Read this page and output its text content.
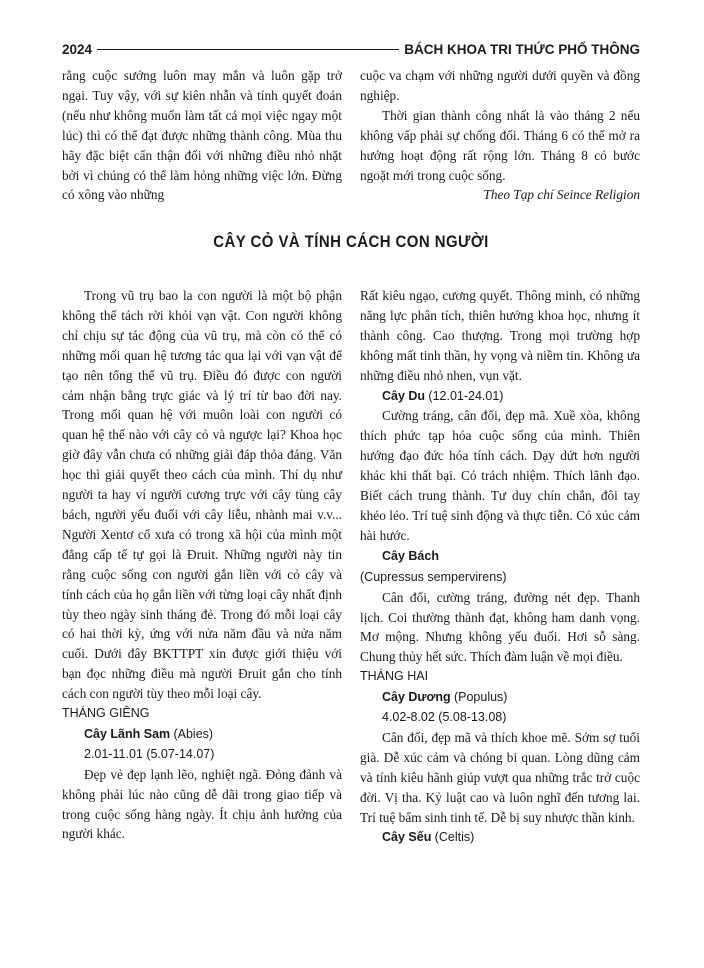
2024	BÁCH KHOA TRI THỨC PHỔ THÔNG

rằng cuộc sướng luôn may mắn và luôn gặp trở ngại. Tuy vậy, với sự kiên nhẫn và tính quyết đoán (nếu như không muốn làm tất cả mọi việc ngay một lúc) thì có thể đạt được những thành công. Mùa thu hãy đặc biệt cẩn thận đối với những điều nhỏ nhặt bởi vì chúng có thể làm hỏng những việc lớn. Đừng có xông vào những

cuộc va chạm với những người dưới quyền và đồng nghiệp.

Thời gian thành công nhất là vào tháng 2 nếu không vấp phải sự chống đối. Tháng 6 có thể mở ra hướng hoạt động rất rộng lớn. Tháng 8 có bước ngoặt mới trong cuộc sống.

Theo Tạp chí Seince Religion

CÂY CỎ VÀ TÍNH CÁCH CON NGƯỜI

Trong vũ trụ bao la con người là một bộ phận không thể tách rời khỏi vạn vật. Con người không chỉ chịu sự tác động của vũ trụ, mà còn có thể có những mối quan hệ tương tác qua lại với vạn vật để tạo nên tổng thể vũ trụ. Điều đó được con người cảm nhận bằng trực giác và lý trí từ bao đời nay. Trong mối quan hệ với muôn loài con người có quan hệ thế nào với cây cỏ và ngược lại? Khoa học giờ đây vẫn chưa có những giải đáp thỏa đáng. Văn học thì giải quyết theo cách của mình. Thí dụ như người ta hay ví người cương trực với cây tùng cây bách, người yếu đuối với cây liễu, nhành mai v.v... Người Xentơ cổ xưa có trong xã hội của mình một đẳng cấp tế tự gọi là Đruit. Những người này tin rằng cuộc sống con người gắn liền với cỏ cây và tính cách của họ gắn liền với từng loại cây nhất định tùy theo ngày sinh tháng đẻ. Trong đó mỗi loại cây có hai thời kỳ, ứng với nửa năm đầu và nửa năm cuối. Dưới đây BKTTPT xin được giới thiệu với bạn đọc những điều mà người Đruit gắn cho tính cách con người tùy theo mỗi loại cây.

THÁNG GIÊNG

Cây Lãnh Sam (Abies)

2.01-11.01 (5.07-14.07)

Đẹp vẻ đẹp lạnh lẽo, nghiệt ngã. Đỏng đảnh và không phải lúc nào cũng dễ dãi trong giao tiếp và trong cuộc sống hàng ngày. Ít chịu ảnh hưởng của người khác.

Rất kiêu ngạo, cương quyết. Thông minh, có những năng lực phân tích, thiên hướng khoa học, nhưng ít thành công. Cao thượng. Trong mọi trường hợp không mất tinh thần, hy vọng và niềm tin. Không ưa những điều nhỏ nhen, vụn vặt.

Cây Du (12.01-24.01)

Cường tráng, cân đối, đẹp mã. Xuề xòa, không thích phức tạp hóa cuộc sống của mình. Thiên hướng đạo đức hóa tính cách. Dạy dứt hơn người khác khi thất bại. Có trách nhiệm. Thích lãnh đạo. Biết cách trung thành. Tư duy chín chắn, đôi tay khéo léo. Trí tuệ sinh động và thực tiễn. Có xúc cảm hài hước.

Cây Bách

(Cupressus sempervirens)

Cân đối, cường tráng, đường nét đẹp. Thanh lịch. Coi thường thành đạt, không ham danh vọng. Mơ mộng. Nhưng không yếu đuối. Hơi sỗ sàng. Chung thủy hết sức. Thích đàm luận về mọi điều.

THÁNG HAI

Cây Dương (Populus)

4.02-8.02 (5.08-13.08)

Cân đối, đẹp mã và thích khoe mẽ. Sớm sợ tuổi già. Dễ xúc cảm và chóng bi quan. Lòng dũng cảm và tính kiêu hãnh giúp vượt qua những trắc trở cuộc đời. Vị tha. Kỷ luật cao và luôn nghĩ đến tương lai. Trí tuệ bẩm sinh tinh tế. Dễ bị suy nhược thần kinh.

Cây Sếu (Celtis)
